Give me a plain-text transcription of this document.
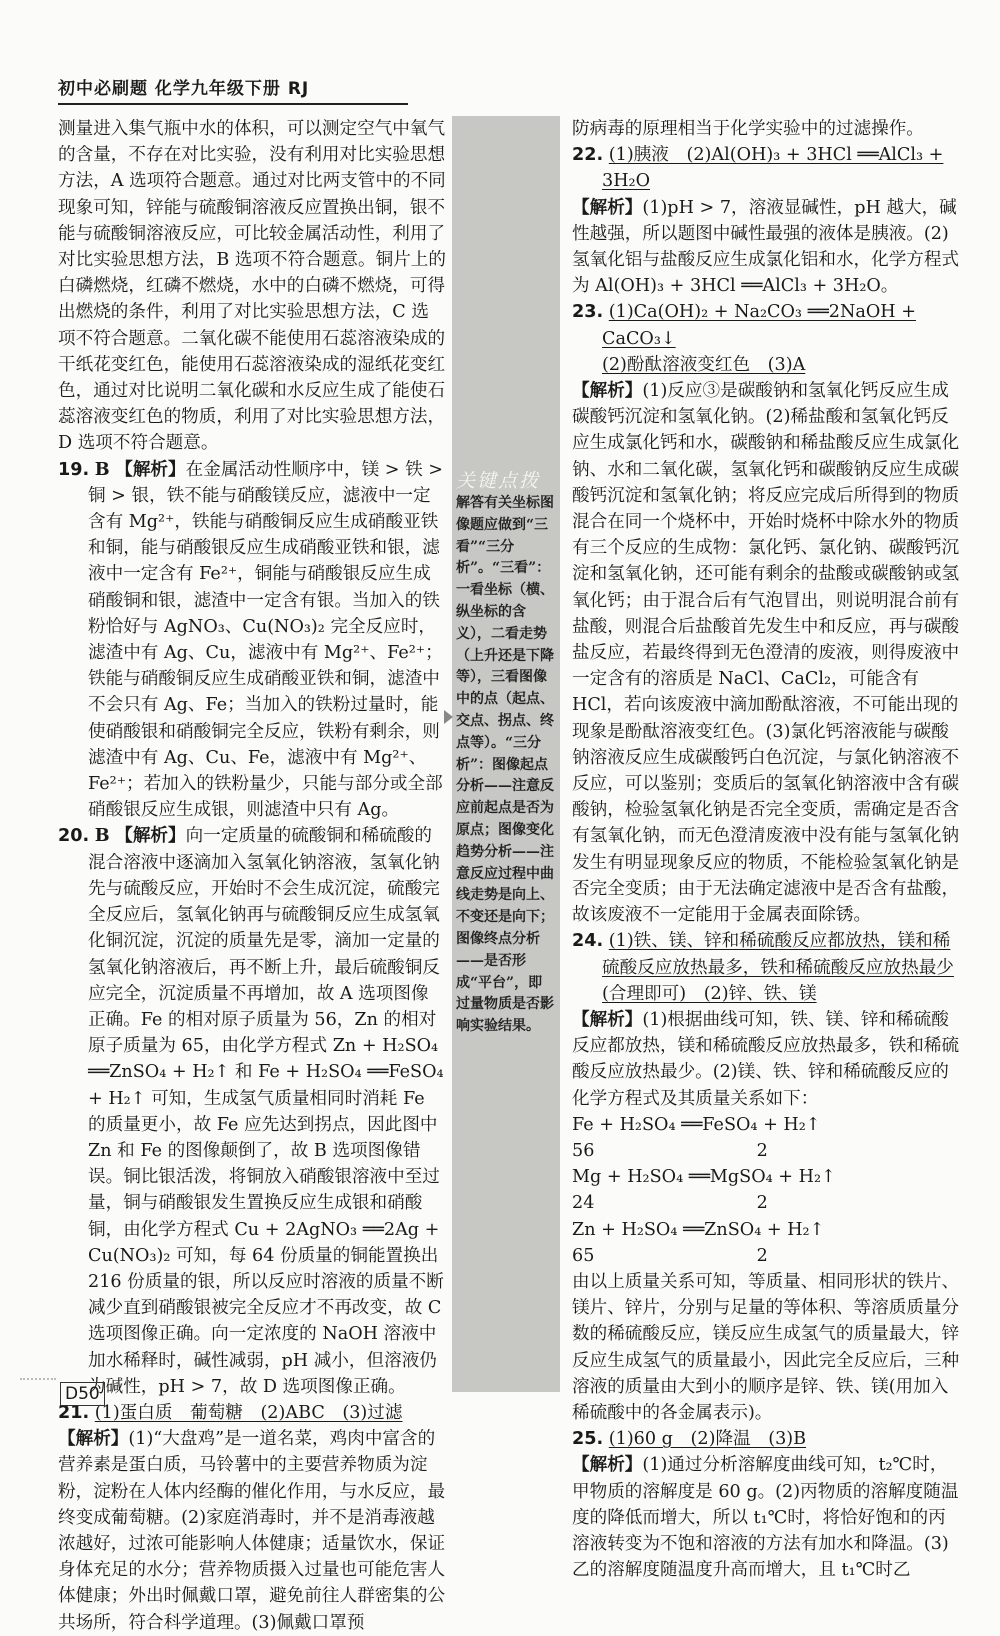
初中必刷题 化学九年级下册 RJ

测量进入集气瓶中水的体积，可以测定空气中氧气的含量，不存在对比实验，没有利用对比实验思想方法，A 选项符合题意。通过对比两支管中的不同现象可知，锌能与硫酸铜溶液反应置换出铜，银不能与硫酸铜溶液反应，可比较金属活动性，利用了对比实验思想方法，B 选项不符合题意。铜片上的白磷燃烧，红磷不燃烧，水中的白磷不燃烧，可得出燃烧的条件，利用了对比实验思想方法，C 选项不符合题意。二氧化碳不能使用石蕊溶液染成的干纸花变红色，能使用石蕊溶液染成的湿纸花变红色，通过对比说明二氧化碳和水反应生成了能使石蕊溶液变红色的物质，利用了对比实验思想方法，D 选项不符合题意。

19. B 【解析】在金属活动性顺序中，镁 > 铁 > 铜 > 银，铁不能与硝酸镁反应，滤液中一定含有 Mg²⁺，铁能与硝酸铜反应生成硝酸亚铁和铜，能与硝酸银反应生成硝酸亚铁和银，滤液中一定含有 Fe²⁺，铜能与硝酸银反应生成硝酸铜和银，滤渣中一定含有银。当加入的铁粉恰好与 AgNO₃、Cu(NO₃)₂ 完全反应时，滤渣中有 Ag、Cu，滤液中有 Mg²⁺、Fe²⁺；铁能与硝酸铜反应生成硝酸亚铁和铜，滤渣中不会只有 Ag、Fe；当加入的铁粉过量时，能使硝酸银和硝酸铜完全反应，铁粉有剩余，则滤渣中有 Ag、Cu、Fe，滤液中有 Mg²⁺、Fe²⁺；若加入的铁粉量少，只能与部分或全部硝酸银反应生成银，则滤渣中只有 Ag。

20. B 【解析】向一定质量的硫酸铜和稀硫酸的混合溶液中逐滴加入氢氧化钠溶液，氢氧化钠先与硫酸反应，开始时不会生成沉淀，硫酸完全反应后，氢氧化钠再与硫酸铜反应生成氢氧化铜沉淀，沉淀的质量先是零，滴加一定量的氢氧化钠溶液后，再不断上升，最后硫酸铜反应完全，沉淀质量不再增加，故 A 选项图像正确。Fe 的相对原子质量为 56，Zn 的相对原子质量为 65，由化学方程式 Zn + H₂SO₄ ══ZnSO₄ + H₂↑ 和 Fe + H₂SO₄ ══FeSO₄ + H₂↑ 可知，生成氢气质量相同时消耗 Fe 的质量更小，故 Fe 应先达到拐点，因此图中 Zn 和 Fe 的图像颠倒了，故 B 选项图像错误。铜比银活泼，将铜放入硝酸银溶液中至过量，铜与硝酸银发生置换反应生成银和硝酸铜，由化学方程式 Cu + 2AgNO₃ ══2Ag + Cu(NO₃)₂ 可知，每 64 份质量的铜能置换出 216 份质量的银，所以反应时溶液的质量不断减少直到硝酸银被完全反应才不再改变，故 C 选项图像正确。向一定浓度的 NaOH 溶液中加水稀释时，碱性减弱，pH 减小，但溶液仍为碱性，pH > 7，故 D 选项图像正确。

21. (1)蛋白质　葡萄糖　(2)ABC　(3)过滤

【解析】(1)“大盘鸡”是一道名菜，鸡肉中富含的营养素是蛋白质，马铃薯中的主要营养物质为淀粉，淀粉在人体内经酶的催化作用，与水反应，最终变成葡萄糖。(2)家庭消毒时，并不是消毒液越浓越好，过浓可能影响人体健康；适量饮水，保证身体充足的水分；营养物质摄入过量也可能危害人体健康；外出时佩戴口罩，避免前往人群密集的公共场所，符合科学道理。(3)佩戴口罩预

关键点拨
解答有关坐标图像题应做到“三看”“三分析”。“三看”：一看坐标（横、纵坐标的含义），二看走势（上升还是下降等），三看图像中的点（起点、交点、拐点、终点等）。“三分析”：图像起点分析——注意反应前起点是否为原点；图像变化趋势分析——注意反应过程中曲线走势是向上、不变还是向下；图像终点分析——是否形成“平台”，即过量物质是否影响实验结果。

防病毒的原理相当于化学实验中的过滤操作。

22. (1)胰液　(2)Al(OH)₃ + 3HCl ══AlCl₃ + 3H₂O

【解析】(1)pH > 7，溶液显碱性，pH 越大，碱性越强，所以题图中碱性最强的液体是胰液。(2)氢氧化铝与盐酸反应生成氯化铝和水，化学方程式为 Al(OH)₃ + 3HCl ══AlCl₃ + 3H₂O。

23. (1)Ca(OH)₂ + Na₂CO₃ ══2NaOH + CaCO₃↓
(2)酚酞溶液变红色　(3)A

【解析】(1)反应③是碳酸钠和氢氧化钙反应生成碳酸钙沉淀和氢氧化钠。(2)稀盐酸和氢氧化钙反应生成氯化钙和水，碳酸钠和稀盐酸反应生成氯化钠、水和二氧化碳，氢氧化钙和碳酸钠反应生成碳酸钙沉淀和氢氧化钠；将反应完成后所得到的物质混合在同一个烧杯中，开始时烧杯中除水外的物质有三个反应的生成物：氯化钙、氯化钠、碳酸钙沉淀和氢氧化钠，还可能有剩余的盐酸或碳酸钠或氢氧化钙；由于混合后有气泡冒出，则说明混合前有盐酸，则混合后盐酸首先发生中和反应，再与碳酸盐反应，若最终得到无色澄清的废液，则得废液中一定含有的溶质是 NaCl、CaCl₂，可能含有 HCl，若向该废液中滴加酚酞溶液，不可能出现的现象是酚酞溶液变红色。(3)氯化钙溶液能与碳酸钠溶液反应生成碳酸钙白色沉淀，与氯化钠溶液不反应，可以鉴别；变质后的氢氧化钠溶液中含有碳酸钠，检验氢氧化钠是否完全变质，需确定是否含有氢氧化钠，而无色澄清废液中没有能与氢氧化钠发生有明显现象反应的物质，不能检验氢氧化钠是否完全变质；由于无法确定滤液中是否含有盐酸，故该废液不一定能用于金属表面除锈。

24. (1)铁、镁、锌和稀硫酸反应都放热，镁和稀硫酸反应放热最多，铁和稀硫酸反应放热最少(合理即可)　(2)锌、铁、镁

【解析】(1)根据曲线可知，铁、镁、锌和稀硫酸反应都放热，镁和稀硫酸反应放热最多，铁和稀硫酸反应放热最少。(2)镁、铁、锌和稀硫酸反应的化学方程式及其质量关系如下：

Fe + H₂SO₄ ══FeSO₄ + H₂↑

56                             2

Mg + H₂SO₄ ══MgSO₄ + H₂↑

24                             2

Zn + H₂SO₄ ══ZnSO₄ + H₂↑

65                             2

由以上质量关系可知，等质量、相同形状的铁片、镁片、锌片，分别与足量的等体积、等溶质质量分数的稀硫酸反应，镁反应生成氢气的质量最大，锌反应生成氢气的质量最小，因此完全反应后，三种溶液的质量由大到小的顺序是锌、铁、镁(用加入稀硫酸中的各金属表示)。

25. (1)60 g　(2)降温　(3)B

【解析】(1)通过分析溶解度曲线可知，t₂℃时，甲物质的溶解度是 60 g。(2)丙物质的溶解度随温度的降低而增大，所以 t₁℃时，将恰好饱和的丙溶液转变为不饱和溶液的方法有加水和降温。(3)乙的溶解度随温度升高而增大，且 t₁℃时乙

D50
